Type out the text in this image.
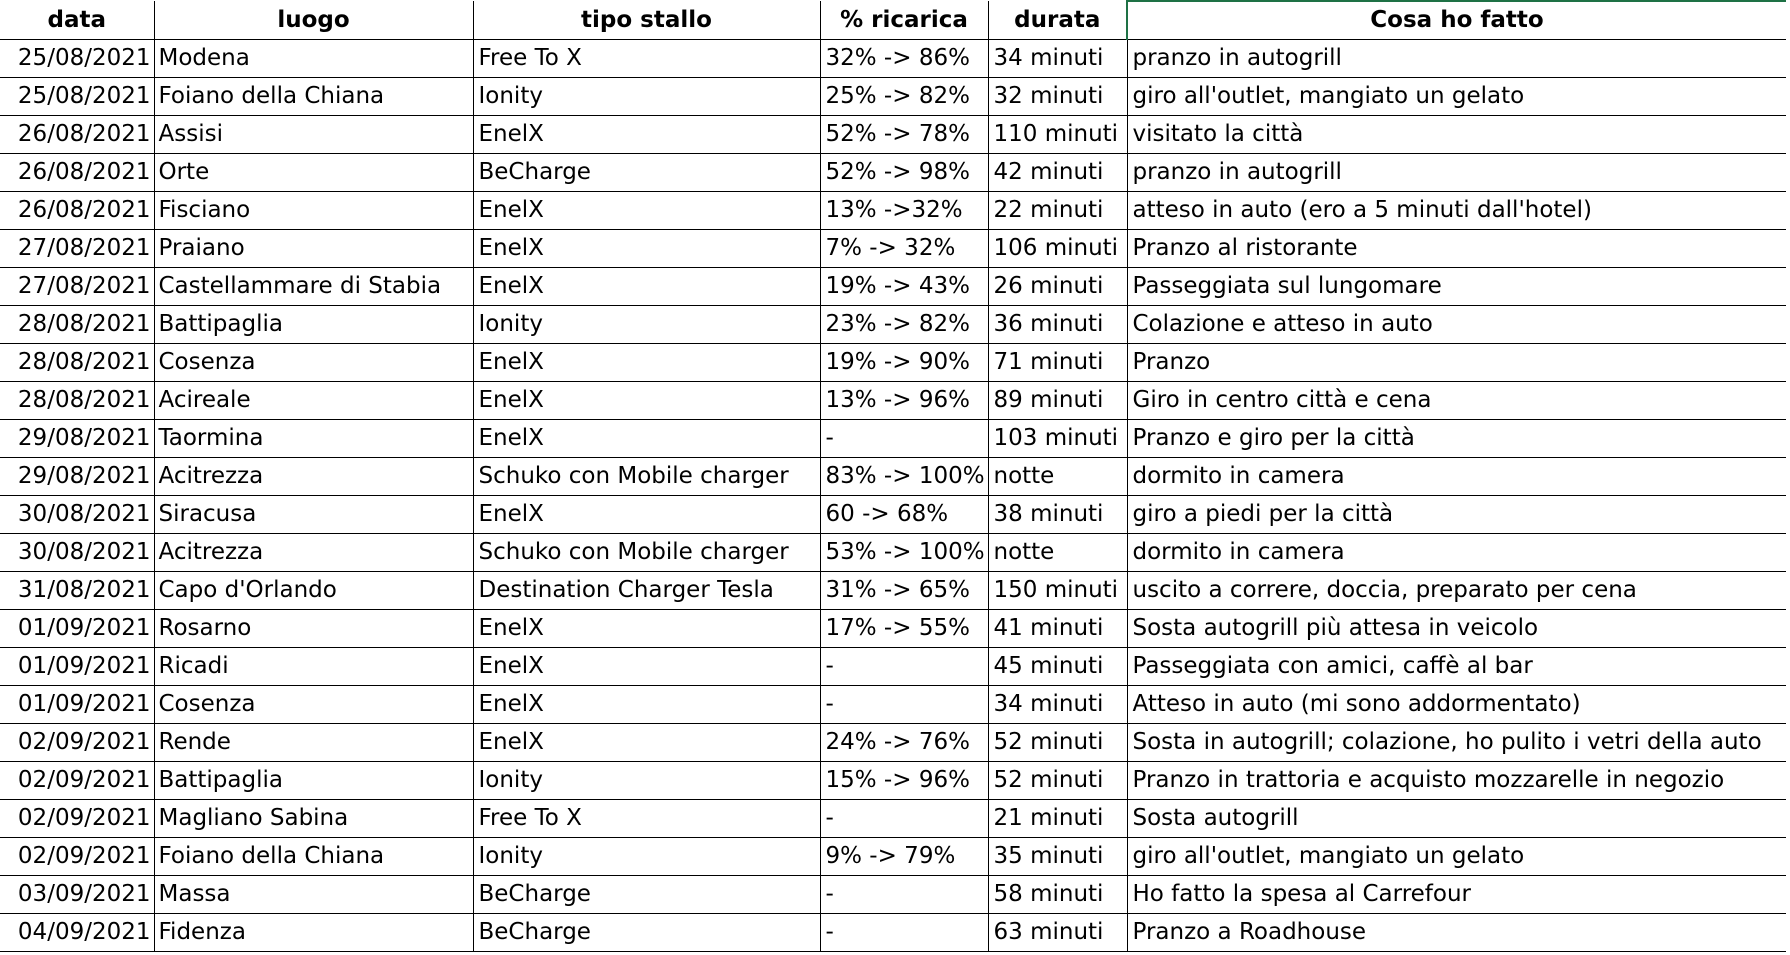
data	luogo	tipo stallo	% ricarica	durata	Cosa ho fatto
25/08/2021	Modena	Free To X	32% -> 86%	34 minuti	pranzo in autogrill
25/08/2021	Foiano della Chiana	Ionity	25% -> 82%	32 minuti	giro all'outlet, mangiato un gelato
26/08/2021	Assisi	EnelX	52% -> 78%	110 minuti	visitato la città
26/08/2021	Orte	BeCharge	52% -> 98%	42 minuti	pranzo in autogrill
26/08/2021	Fisciano	EnelX	13% ->32%	22 minuti	atteso in auto (ero a 5 minuti dall'hotel)
27/08/2021	Praiano	EnelX	7% -> 32%	106 minuti	Pranzo al ristorante
27/08/2021	Castellammare di Stabia	EnelX	19% -> 43%	26 minuti	Passeggiata sul lungomare
28/08/2021	Battipaglia	Ionity	23% -> 82%	36 minuti	Colazione e atteso in auto
28/08/2021	Cosenza	EnelX	19% -> 90%	71 minuti	Pranzo
28/08/2021	Acireale	EnelX	13% -> 96%	89 minuti	Giro in centro città e cena
29/08/2021	Taormina	EnelX	-	103 minuti	Pranzo e giro per la città
29/08/2021	Acitrezza	Schuko con Mobile charger	83% -> 100%	notte	dormito in camera
30/08/2021	Siracusa	EnelX	60 -> 68%	38 minuti	giro a piedi per la città
30/08/2021	Acitrezza	Schuko con Mobile charger	53% -> 100%	notte	dormito in camera
31/08/2021	Capo d'Orlando	Destination Charger Tesla	31% -> 65%	150 minuti	uscito a correre, doccia, preparato per cena
01/09/2021	Rosarno	EnelX	17% -> 55%	41 minuti	Sosta autogrill più attesa in veicolo
01/09/2021	Ricadi	EnelX	-	45 minuti	Passeggiata con amici, caffè al bar
01/09/2021	Cosenza	EnelX	-	34 minuti	Atteso in auto (mi sono addormentato)
02/09/2021	Rende	EnelX	24% -> 76%	52 minuti	Sosta in autogrill; colazione, ho pulito i vetri della auto
02/09/2021	Battipaglia	Ionity	15% -> 96%	52 minuti	Pranzo in trattoria e acquisto mozzarelle in negozio
02/09/2021	Magliano Sabina	Free To X	-	21 minuti	Sosta autogrill
02/09/2021	Foiano della Chiana	Ionity	9% -> 79%	35 minuti	giro all'outlet, mangiato un gelato
03/09/2021	Massa	BeCharge	-	58 minuti	Ho fatto la spesa al Carrefour
04/09/2021	Fidenza	BeCharge	-	63 minuti	Pranzo a Roadhouse
